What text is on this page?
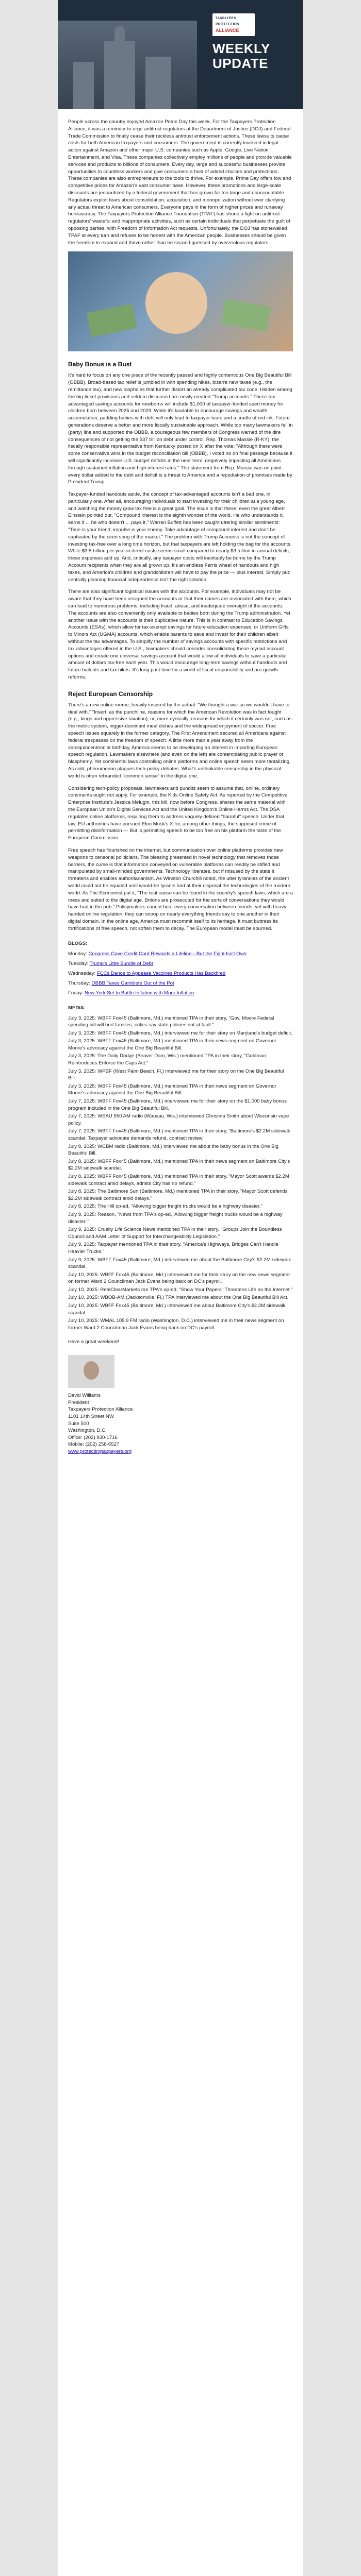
TAXPAYERS
PROTECTION
ALLIANCE
WEEKLY
UPDATE

People across the country enjoyed Amazon Prime Day this week. For the Taxpayers Protection Alliance, it was a reminder to urge antitrust regulators at the Department of Justice (DOJ) and Federal Trade Commission to finally cease their reckless antitrust enforcement actions. These lawsuits cause costs for both American taxpayers and consumers. The government is currently involved in legal action against Amazon and other major U.S. companies such as Apple, Google, Live Nation Entertainment, and Visa. These companies collectively employ millions of people and provide valuable services and products to billions of consumers. Every day, large and successful businesses provide opportunities to countless workers and give consumers a host of added choices and protections. These companies are also entrepreneurs to the tools to thrive. For example, Prime Day offers low and competitive prices for Amazon's vast consumer base. However, these promotions and large-scale discounts are jeopardized by a federal government that has grown far too large and unaccountable. Regulators exploit fears about consolidation, acquisition, and monopolization without ever clarifying any actual threat to American consumers. Everyone pays in the form of higher prices and runaway bureaucracy. The Taxpayers Protection Alliance Foundation (TPAF) has shone a light on antitrust regulators' wasteful and inappropriate activities, such as certain individuals that perpetuate the guilt of opposing parties, with Freedom of Information Act requests. Unfortunately, the DOJ has stonewalled TPAF at every turn and refuses to be honest with the American people. Businesses should be given the freedom to expand and thrive rather than be second guessed by overzealous regulators.

Baby Bonus is a Bust

It's hard to focus on any one piece of the recently passed and highly contentious One Big Beautiful Bill (OBBB). Broad-based tax relief is jumbled in with spending hikes, bizarre new taxes (e.g., the remittance tax), and new loopholes that further distort an already complicated tax code. Hidden among the big-ticket provisions and seldom discussed are newly created "Trump accounts." These tax-advantaged savings accounts for newborns will include $1,000 of taxpayer-funded seed money for children born between 2025 and 2029. While it's laudable to encourage savings and wealth accumulation, padding babies with debt will only lead to taxpayer tears and a cradle of red ink. Future generations deserve a better and more fiscally sustainable approach. While too many lawmakers fell in (party) line and supported the OBBB, a courageous few members of Congress warned of the dire consequences of not getting the $37 trillion debt under control. Rep. Thomas Massie (R-KY), the fiscally responsible representative from Kentucky posted on X after the vote: "Although there were some conservative wins in the budget reconciliation bill (OBBB), I voted no on final passage because it will significantly increase U.S. budget deficits in the near term, negatively impacting all Americans through sustained inflation and high interest rates." The statement from Rep. Massie was on point: every dollar added to the debt and deficit is a threat to America and a repudiation of promises made by President Trump.

Taxpayer-funded handouts aside, the concept of tax-advantaged accounts isn't a bad one, in particularly one. After all, encouraging individuals to start investing for their children at a young age, and watching the money grow tax free is a great goal. The issue is that these, even the great Albert Einstein pointed out, "Compound interest is the eighth wonder of the world. He who understands it, earns it ... he who doesn't ... pays it." Warren Buffett has been caught uttering similar sentiments: "Time is your friend; impulse is your enemy. Take advantage of compound interest and don't be captivated by the siren song of the market." The problem with Trump Accounts is not the concept of investing tax-free over a long time horizon, but that taxpayers are left holding the bag for the accounts. While $3.5 billion per year in direct costs seems small compared to nearly $3 trillion in annual deficits, these expenses add up. And, critically, any taxpayer costs will inevitably be borne by the Trump Account recipients when they are all grown up. It's an endless Ferris wheel of handouts and high taxes, and America's children and grandchildren will have to pay the price — plus interest. Simply put: centrally planning financial independence isn't the right solution.

There are also significant logistical issues with the accounts. For example, individuals may not be aware that they have been assigned the accounts or that their names are associated with them, which can lead to numerous problems, including fraud, abuse, and inadequate oversight of the accounts. The accounts are also conveniently only available to babies born during the Trump administration. Yet another issue with the accounts is their duplicative nature. This is in contrast to Education Savings Accounts (ESAs), which allow for tax-exempt savings for future education expenses, or Uniform Gifts to Minors Act (UGMA) accounts, which enable parents to save and invest for their children albeit without the tax advantages. To simplify the number of savings accounts with specific restrictions and tax advantages offered in the U.S., lawmakers should consider consolidating these myriad account options and create one universal savings account that would allow all individuals to save a particular amount of dollars tax-free each year. This would encourage long-term savings without handouts and future bailouts and tax hikes. It's long past time for a world of fiscal responsibility and pro-growth reforms.

Reject European Censorship

There's a new online meme, heavily inspired by the actual: "We thought a war so we wouldn't have to deal with." "Insert, as the punchline, reasons for which the American Revolution was in fact fought (e.g., kings and oppressive taxation), or, more cynically, reasons for which it certainly was not, such as the metric system, nigger-dominant meal dishes and the widespread enjoyment of soccer. Free speech issues squarely in the former category. The First Amendment secured all Americans against federal trespasses on the freedom of speech. A little more than a year away from the semiquincentennial birthday, America seems to be developing an interest in importing European speech regulation. Lawmakers elsewhere (and even on the left) are contemplating public prayer or blasphemy. Yet continental laws controlling online platforms and online speech seem more tantalizing. As cold, phenomenon plagues tech-policy debates: What's unthinkable censorship in the physical world is often rebranded "common sense" in the digital one.

Considering tech-policy proposals, lawmakers and pundits seem to assume that, online, ordinary constraints ought not apply. For example, the Kids Online Safety Act. As reported by the Competitive Enterprise Institute's Jessica Melugin, this bill, now before Congress, shares the same material with the European Union's Digital Services Act and the United Kingdom's Online Harms Act. The DSA regulates online platforms, requiring them to address vaguely defined "harmful" speech. Under that law, EU authorities have pursued Elon Musk's X for, among other things, the supposed crime of permitting disinformation — But is permitting speech to be too free on his platform the taste of the European Commission.

Free speech has flourished on the internet, but communication over online platforms provides new weapons to censorial politicians. The blessing presented in novel technology that removes those barriers, the curse is that information conveyed on vulnerable platforms can readily be stifled and manipulated by small-minded governments. Technology liberates, but if misused by the state it threatens and enables authoritarianism. As Winston Churchill noted, the utter tyrannies of the ancient world could not be equaled until would-be tyrants had at their disposal the technologies of the modern world. As The Economist put it, "The real cause can be found in the country's speech laws, which are a mess and suited to the digital age. Britons are prosecuted for the sorts of conversations they would have had in the pub." Policymakers cannot hear every conversation between friends, yet with heavy-handed online regulation, they can snoop on nearly everything friends say to one another in their digital domain. In the online age, America must recommit itself to its heritage. It must buttress its fortifications of free speech, not soften them to decay. The European model must be spurned.

BLOGS:
Monday: Congress Gave Credit Card Rewards a Lifeline—But the Fight Isn't Over
Tuesday: Trump's Little Bundle of Debt
Wednesday: FCCs Dance to Appease Vaccines Products Has Backfired
Thursday: OBBB Taxes Gamblers Out of the Pot
Friday: New York Set to Battle Inflation with More Inflation
MEDIA:
July 3, 2025: WBFF Fox45 (Baltimore, Md.) mentioned TPA in their story, "Gov. Moore Federal spending bill will hurt families, critics say state policies not at fault."
July 3, 2025: WBFF Fox45 (Baltimore, Md.) interviewed me for their story on Maryland's budget deficit.
July 3, 2025: WBFF Fox45 (Baltimore, Md.) mentioned TPA in their news segment on Governor Moore's advocacy against the One Big Beautiful Bill.
July 3, 2025: The Daily Dodge (Beaver Dam, Wis.) mentioned TPA in their story, "Goldman Reintroduces Enforce the Caps Act."
July 3, 2025: WPBF (West Palm Beach, Fl.) interviewed me for their story on the One Big Beautiful Bill.
July 3, 2025: WBFF Fox45 (Baltimore, Md.) mentioned TPA in their news segment on Governor Moore's advocacy against the One Big Beautiful Bill.
July 7, 2025: WBFF Fox45 (Baltimore, Md.) interviewed me for their story on the $1,000 baby bonus program included in the One Big Beautiful Bill.
July 7, 2025: WSAU 550 AM radio (Wausau, Wis.) interviewed Christina Smith about Wisconsin vape policy.
July 7, 2025: WBFF Fox45 (Baltimore, Md.) mentioned TPA in their story, "Baltimore's $2.2M sidewalk scandal: Taxpayer advocate demands refund, contract review."
July 8, 2025: WCBM radio (Baltimore, Md.) interviewed me about the baby bonus in the One Big Beautiful Bill.
July 8, 2025: WBFF Fox45 (Baltimore, Md.) mentioned TPA in their news segment on Baltimore City's $2.2M sidewalk scandal.
July 8, 2025: WBFF Fox45 (Baltimore, Md.) mentioned TPA in their story, "Mayor Scott awards $2.2M sidewalk contract amid delays, admits City has no refund."
July 8, 2025: The Baltimore Sun (Baltimore, Md.) mentioned TPA in their story, "Mayor Scott defends $2.2M sidewalk contract amid delays."
July 8, 2025: The Hill op-ed, "Allowing bigger freight trucks would be a highway disaster."
July 9, 2025: Reason, "News from TPA's op-ed, 'Allowing bigger freight trucks would be a highway disaster.'"
July 9, 2025: Cruelty Life Science News mentioned TPA in their story, "Groups Join the Boundless Council and AAM Letter of Support for Interchangeability Legislation."
July 9, 2025: Taxpayer mentioned TPA in their story, "America's Highways, Bridges Can't Handle Heavier Trucks."
July 9, 2025: WBFF Fox45 (Baltimore, Md.) interviewed me about the Baltimore City's $2.2M sidewalk scandal.
July 10, 2025: WBFF Fox45 (Baltimore, Md.) interviewed me for their story on the new news segment on former Ward 2 Councilman Jack Evans being back on DC's payroll.
July 10, 2025: RealClearMarkets ran TPA's op-ed, "Show Your Papers" Threatens Life on the Internet."
July 10, 2025: WBOB-AM (Jacksonville, Fl.) TPA interviewed me about the One Big Beautiful Bill Act.
July 10, 2025: WBFF Fox45 (Baltimore, Md.) interviewed me about Baltimore City's $2.2M sidewalk scandal.
July 10, 2025: WMAL 105.9 FM radio (Washington, D.C.) interviewed me in their news segment on former Ward 2 Councilman Jack Evans being back on DC's payroll.

Have a great weekend!

David Williams

President

Taxpayers Protection Alliance

1101 14th Street NW

Suite 500

Washington, D.C.

Office: (202) 930-1716

Mobile: (202) 258-6527

www.protectingtaxpayers.org
